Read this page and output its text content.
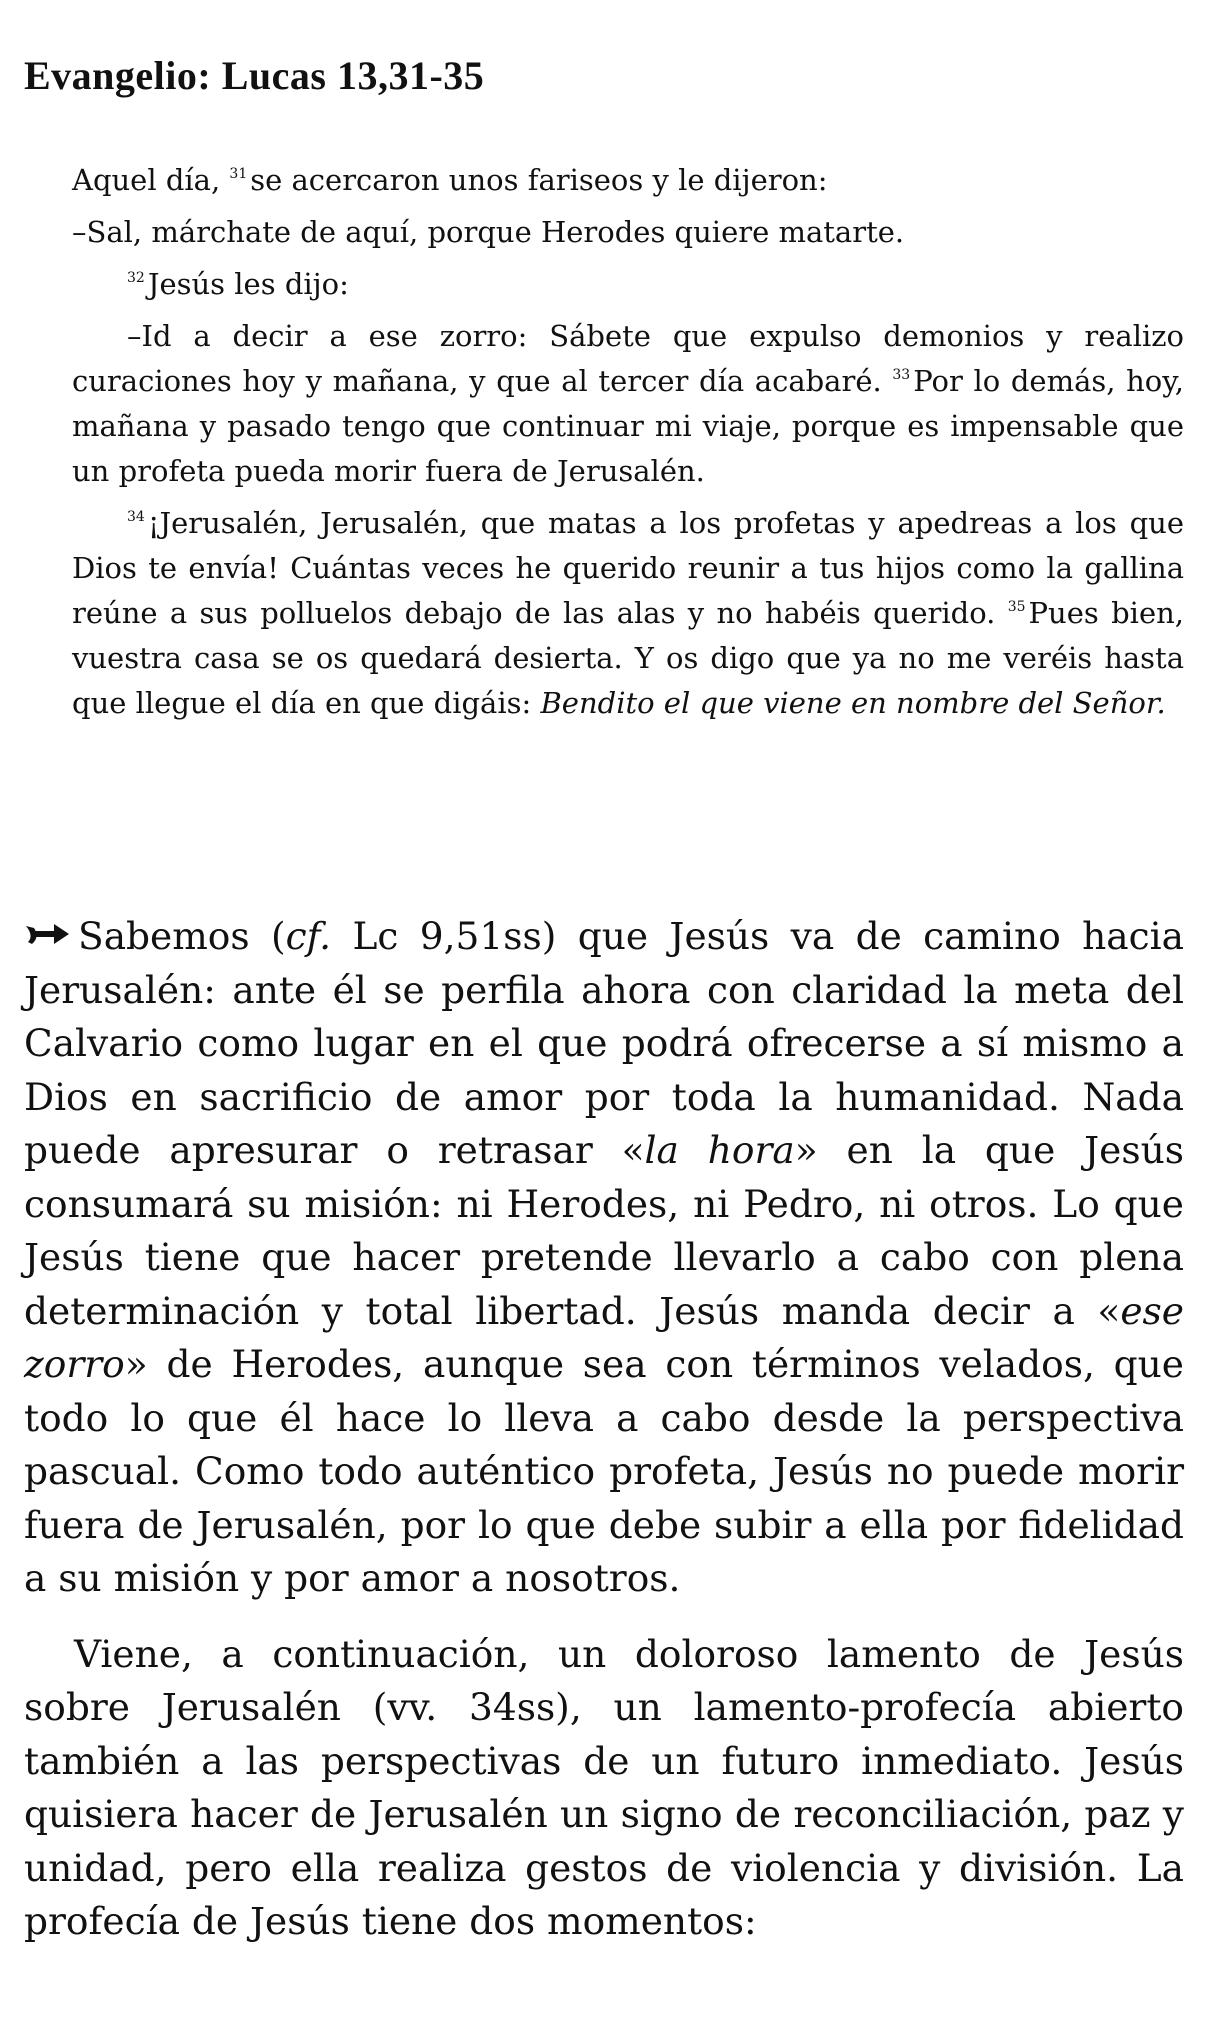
Evangelio: Lucas 13,31-35

Aquel día, $^{31}$ se acercaron unos fariseos y le dijeron:

–Sal, márchate de aquí, porque Herodes quiere matarte.

$^{32}$ Jesús les dijo:

–Id a decir a ese zorro: Sábete que expulso demonios y realizo curaciones hoy y mañana, y que al tercer día acabaré. $^{33}$ Por lo demás, hoy, mañana y pasado tengo que continuar mi viaje, porque es impensable que un profeta pueda morir fuera de Jerusalén.

$^{34}$ ¡Jerusalén, Jerusalén, que matas a los profetas y apedreas a los que Dios te envía! Cuántas veces he querido reunir a tus hijos como la gallina reúne a sus polluelos debajo de las alas y no habéis querido. $^{35}$ Pues bien, vuestra casa se os quedará desierta. Y os digo que ya no me veréis hasta que llegue el día en que digáis: Bendito el que viene en nombre del Señor.

Sabemos (cf. Lc 9,51ss) que Jesús va de camino hacia Jerusalén: ante él se perfila ahora con claridad la meta del Calvario como lugar en el que podrá ofrecerse a sí mismo a Dios en sacrificio de amor por toda la humanidad. Nada puede apresurar o retrasar «la hora» en la que Jesús consumará su misión: ni Herodes, ni Pedro, ni otros. Lo que Jesús tiene que hacer pretende llevarlo a cabo con plena determinación y total libertad. Jesús manda decir a «ese zorro» de Herodes, aunque sea con términos velados, que todo lo que él hace lo lleva a cabo desde la perspectiva pascual. Como todo auténtico profeta, Jesús no puede morir fuera de Jerusalén, por lo que debe subir a ella por fidelidad a su misión y por amor a nosotros.

Viene, a continuación, un doloroso lamento de Jesús sobre Jerusalén (vv. 34ss), un lamento-profecía abierto también a las perspectivas de un futuro inmediato. Jesús quisiera hacer de Jerusalén un signo de reconciliación, paz y unidad, pero ella realiza gestos de violencia y división. La profecía de Jesús tiene dos momentos:
